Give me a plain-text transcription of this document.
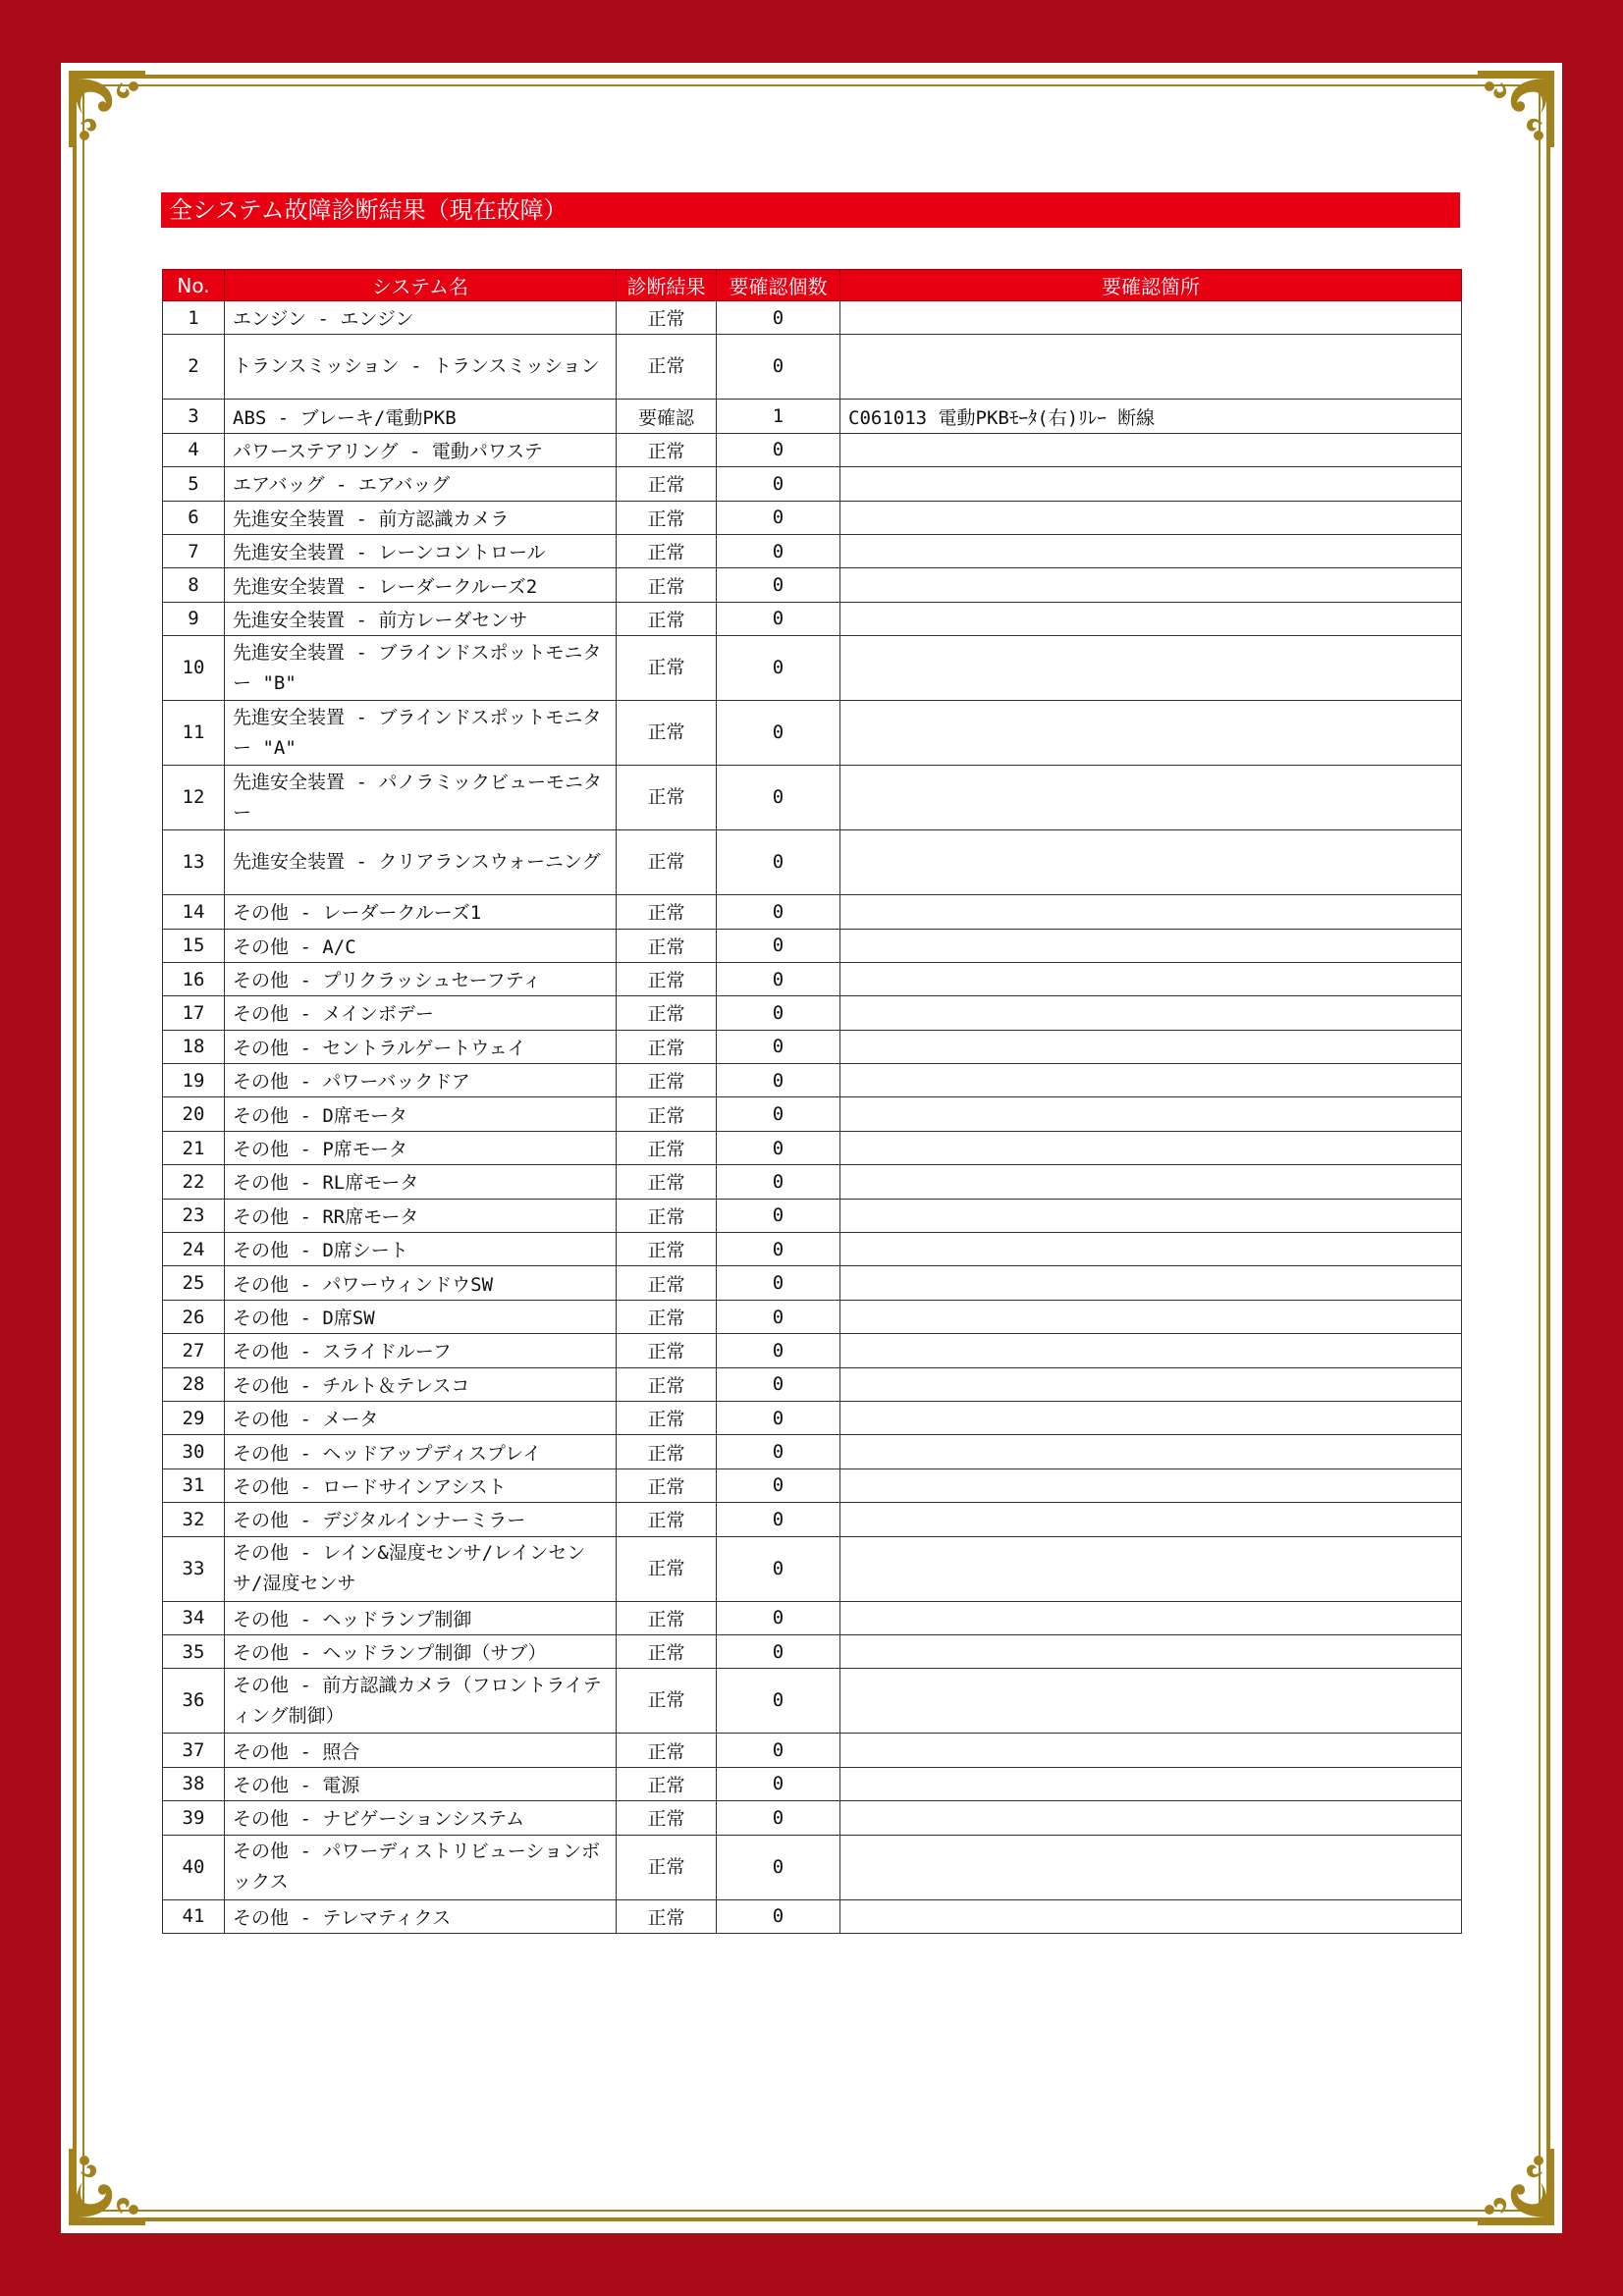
全システム故障診断結果（現在故障）
No.	システム名	診断結果	要確認個数	要確認箇所
1	エンジン - エンジン	正常	0	
2	トランスミッション - トランスミッション	正常	0	
3	ABS - ブレーキ/電動PKB	要確認	1	C061013 電動PKBﾓｰﾀ(右)ﾘﾚｰ 断線
4	パワーステアリング - 電動パワステ	正常	0	
5	エアバッグ - エアバッグ	正常	0	
6	先進安全装置 - 前方認識カメラ	正常	0	
7	先進安全装置 - レーンコントロール	正常	0	
8	先進安全装置 - レーダークルーズ2	正常	0	
9	先進安全装置 - 前方レーダセンサ	正常	0	
10	先進安全装置 - ブラインドスポットモニター "B"	正常	0	
11	先進安全装置 - ブラインドスポットモニター "A"	正常	0	
12	先進安全装置 - パノラミックビューモニター	正常	0	
13	先進安全装置 - クリアランスウォーニング	正常	0	
14	その他 - レーダークルーズ1	正常	0	
15	その他 - A/C	正常	0	
16	その他 - プリクラッシュセーフティ	正常	0	
17	その他 - メインボデー	正常	0	
18	その他 - セントラルゲートウェイ	正常	0	
19	その他 - パワーバックドア	正常	0	
20	その他 - D席モータ	正常	0	
21	その他 - P席モータ	正常	0	
22	その他 - RL席モータ	正常	0	
23	その他 - RR席モータ	正常	0	
24	その他 - D席シート	正常	0	
25	その他 - パワーウィンドウSW	正常	0	
26	その他 - D席SW	正常	0	
27	その他 - スライドルーフ	正常	0	
28	その他 - チルト＆テレスコ	正常	0	
29	その他 - メータ	正常	0	
30	その他 - ヘッドアップディスプレイ	正常	0	
31	その他 - ロードサインアシスト	正常	0	
32	その他 - デジタルインナーミラー	正常	0	
33	その他 - レイン&湿度センサ/レインセンサ/湿度センサ	正常	0	
34	その他 - ヘッドランプ制御	正常	0	
35	その他 - ヘッドランプ制御（サブ）	正常	0	
36	その他 - 前方認識カメラ（フロントライティング制御）	正常	0	
37	その他 - 照合	正常	0	
38	その他 - 電源	正常	0	
39	その他 - ナビゲーションシステム	正常	0	
40	その他 - パワーディストリビューションボックス	正常	0	
41	その他 - テレマティクス	正常	0	
